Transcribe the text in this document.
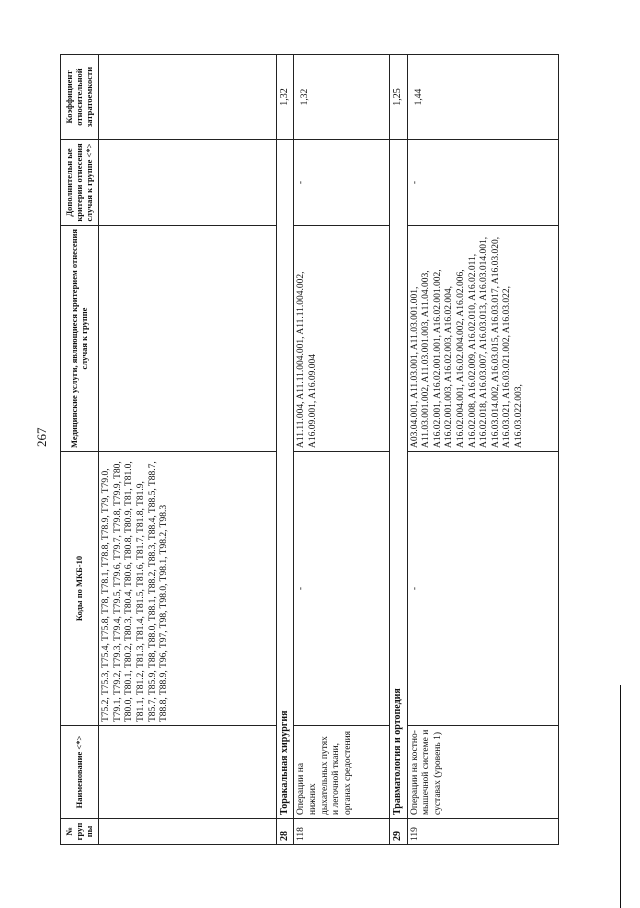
267
№ груп пы	Наименование <*>	Коды по МКБ-10	Медицинские услуги, являющиеся критерием отнесения случая к группе	Дополнительн ые критерии отнесения случая к группе <*>	Коэффициент относительной затратоемкости
		T75.2, T75.3, T75.4, T75.8, T78, T78.1, T78.8, T78.9, T79, T79.0, T79.1, T79.2, T79.3, T79.4, T79.5, T79.6, T79.7, T79.8, T79.9, T80, T80.0, T80.1, T80.2, T80.3, T80.4, T80.6, T80.8, T80.9, T81, T81.0, T81.1, T81.2, T81.3, T81.4, T81.5, T81.6, T81.7, T81.8, T81.9, T85.7, T85.9, T88, T88.0, T88.1, T88.2, T88.3, T88.4, T88.5, T88.7, T88.8, T88.9, T96, T97, T98, T98.0, T98.1, T98.2, T98.3			
28	Торакальная хирургия				1,32
118	Операции на нижних дыхательных путях и легочной ткани, органах средостения	-	A11.11.004, A11.11.004.001, A11.11.004.002, A16.09.001, A16.09.004	-	1,32
29	Травматология и ортопедия				1,25
119	Операции на костно-мышечной системе и суставах (уровень 1)	-	A03.04.001, A11.03.001, A11.03.001.001, A11.03.001.002, A11.03.001.003, A11.04.003, A16.02.001, A16.02.001.001, A16.02.001.002, A16.02.001.003, A16.02.003, A16.02.004, A16.02.004.001, A16.02.004.002, A16.02.006, A16.02.008, A16.02.009, A16.02.010, A16.02.011, A16.02.018, A16.03.007, A16.03.013, A16.03.014.001, A16.03.014.002, A16.03.015, A16.03.017, A16.03.020, A16.03.021, A16.03.021.002, A16.03.022, A16.03.022.003,	-	1,44
